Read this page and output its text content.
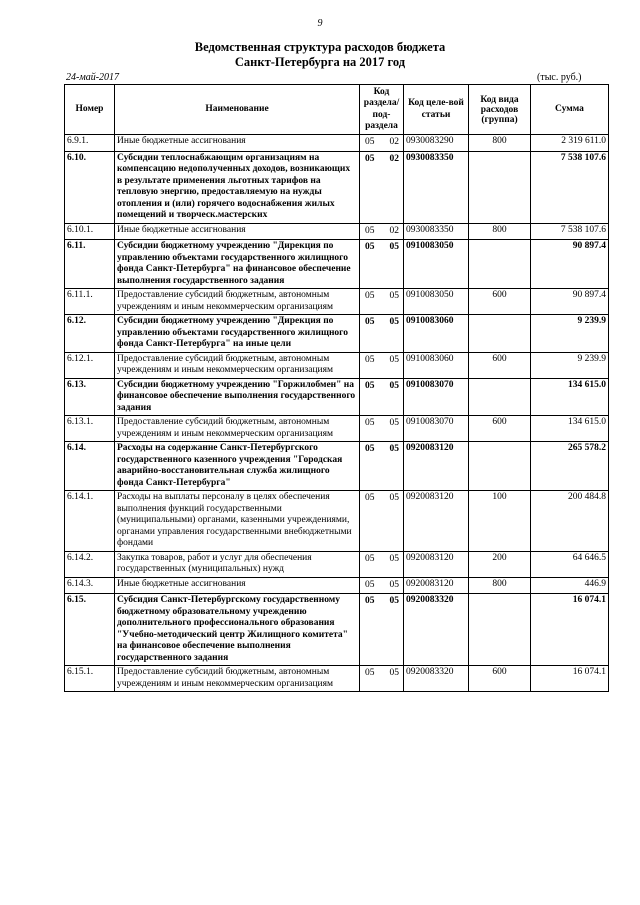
9
Ведомственная структура расходов бюджета
Санкт-Петербурга на 2017 год
24-май-2017	(тыс. руб.)
Номер	Наименование	Код раздела/ под-раздела	Код целе-вой статьи	Код вида расходов (группа)	Сумма
6.9.1.	Иные бюджетные ассигнования	05 02	0930083290	800	2 319 611.0
6.10.	Субсидии теплоснабжающим организациям на компенсацию недополученных доходов, возникающих в результате применения льготных тарифов на тепловую энергию, предоставляемую на нужды отопления и (или) горячего водоснабжения жилых помещений и творческ.мастерских	05 02	0930083350		7 538 107.6
6.10.1.	Иные бюджетные ассигнования	05 02	0930083350	800	7 538 107.6
6.11.	Субсидии бюджетному учреждению "Дирекция по управлению объектами государственного жилищного фонда Санкт-Петербурга" на финансовое обеспечение выполнения государственного задания	05 05	0910083050		90 897.4
6.11.1.	Предоставление субсидий бюджетным, автономным учреждениям и иным некоммерческим организациям	05 05	0910083050	600	90 897.4
6.12.	Субсидии бюджетному учреждению "Дирекция по управлению объектами государственного жилищного фонда Санкт-Петербурга" на иные цели	05 05	0910083060		9 239.9
6.12.1.	Предоставление субсидий бюджетным, автономным учреждениям и иным некоммерческим организациям	05 05	0910083060	600	9 239.9
6.13.	Субсидии бюджетному учреждению "Горжилобмен" на финансовое обеспечение выполнения государственного задания	05 05	0910083070		134 615.0
6.13.1.	Предоставление субсидий бюджетным, автономным учреждениям и иным некоммерческим организациям	05 05	0910083070	600	134 615.0
6.14.	Расходы на содержание Санкт-Петербургского государственного казенного учреждения "Городская аварийно-восстановительная служба жилищного фонда Санкт-Петербурга"	05 05	0920083120		265 578.2
6.14.1.	Расходы на выплаты персоналу в целях обеспечения выполнения функций государственными (муниципальными) органами, казенными учреждениями, органами управления государственными внебюджетными фондами	05 05	0920083120	100	200 484.8
6.14.2.	Закупка товаров, работ и услуг для обеспечения государственных (муниципальных) нужд	05 05	0920083120	200	64 646.5
6.14.3.	Иные бюджетные ассигнования	05 05	0920083120	800	446.9
6.15.	Субсидия Санкт-Петербургскому государственному бюджетному образовательному учреждению дополнительного профессионального образования "Учебно-методический центр Жилищного комитета" на финансовое обеспечение выполнения государственного задания	05 05	0920083320		16 074.1
6.15.1.	Предоставление субсидий бюджетным, автономным учреждениям и иным некоммерческим организациям	05 05	0920083320	600	16 074.1
